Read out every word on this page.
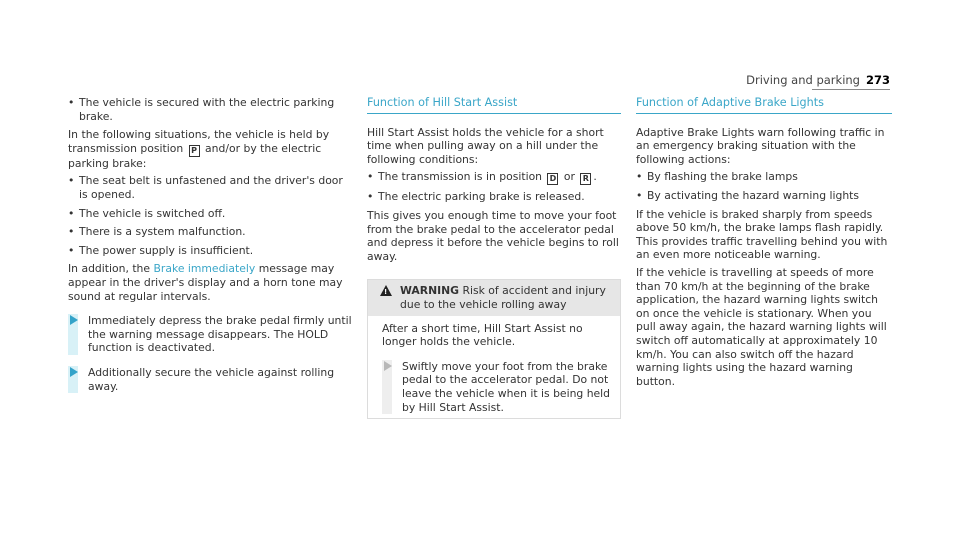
Driving and parking 273
• The vehicle is secured with the electric parking brake.

In the following situations, the vehicle is held by transmission position P and/or by the electric parking brake:

• The seat belt is unfastened and the driver's door is opened.
• The vehicle is switched off.
• There is a system malfunction.
• The power supply is insufficient.

In addition, the Brake immediately message may appear in the driver's display and a horn tone may sound at regular intervals.

Immediately depress the brake pedal firmly until the warning message disappears. The HOLD function is deactivated.
Additionally secure the vehicle against rolling away.
Function of Hill Start Assist

Hill Start Assist holds the vehicle for a short time when pulling away on a hill under the following conditions:

• The transmission is in position D or R .
• The electric parking brake is released.

This gives you enough time to move your foot from the brake pedal to the accelerator pedal and depress it before the vehicle begins to roll away.

! WARNING Risk of accident and injury due to the vehicle rolling away

After a short time, Hill Start Assist no longer holds the vehicle.

Swiftly move your foot from the brake pedal to the accelerator pedal. Do not leave the vehicle when it is being held by Hill Start Assist.
Function of Adaptive Brake Lights

Adaptive Brake Lights warn following traffic in an emergency braking situation with the following actions:

• By flashing the brake lamps
• By activating the hazard warning lights

If the vehicle is braked sharply from speeds above 50 km/h, the brake lamps flash rapidly. This provides traffic travelling behind you with an even more noticeable warning.

If the vehicle is travelling at speeds of more than 70 km/h at the beginning of the brake application, the hazard warning lights switch on once the vehicle is stationary. When you pull away again, the hazard warning lights will switch off automatically at approximately 10 km/h. You can also switch off the hazard warning lights using the hazard warning button.
